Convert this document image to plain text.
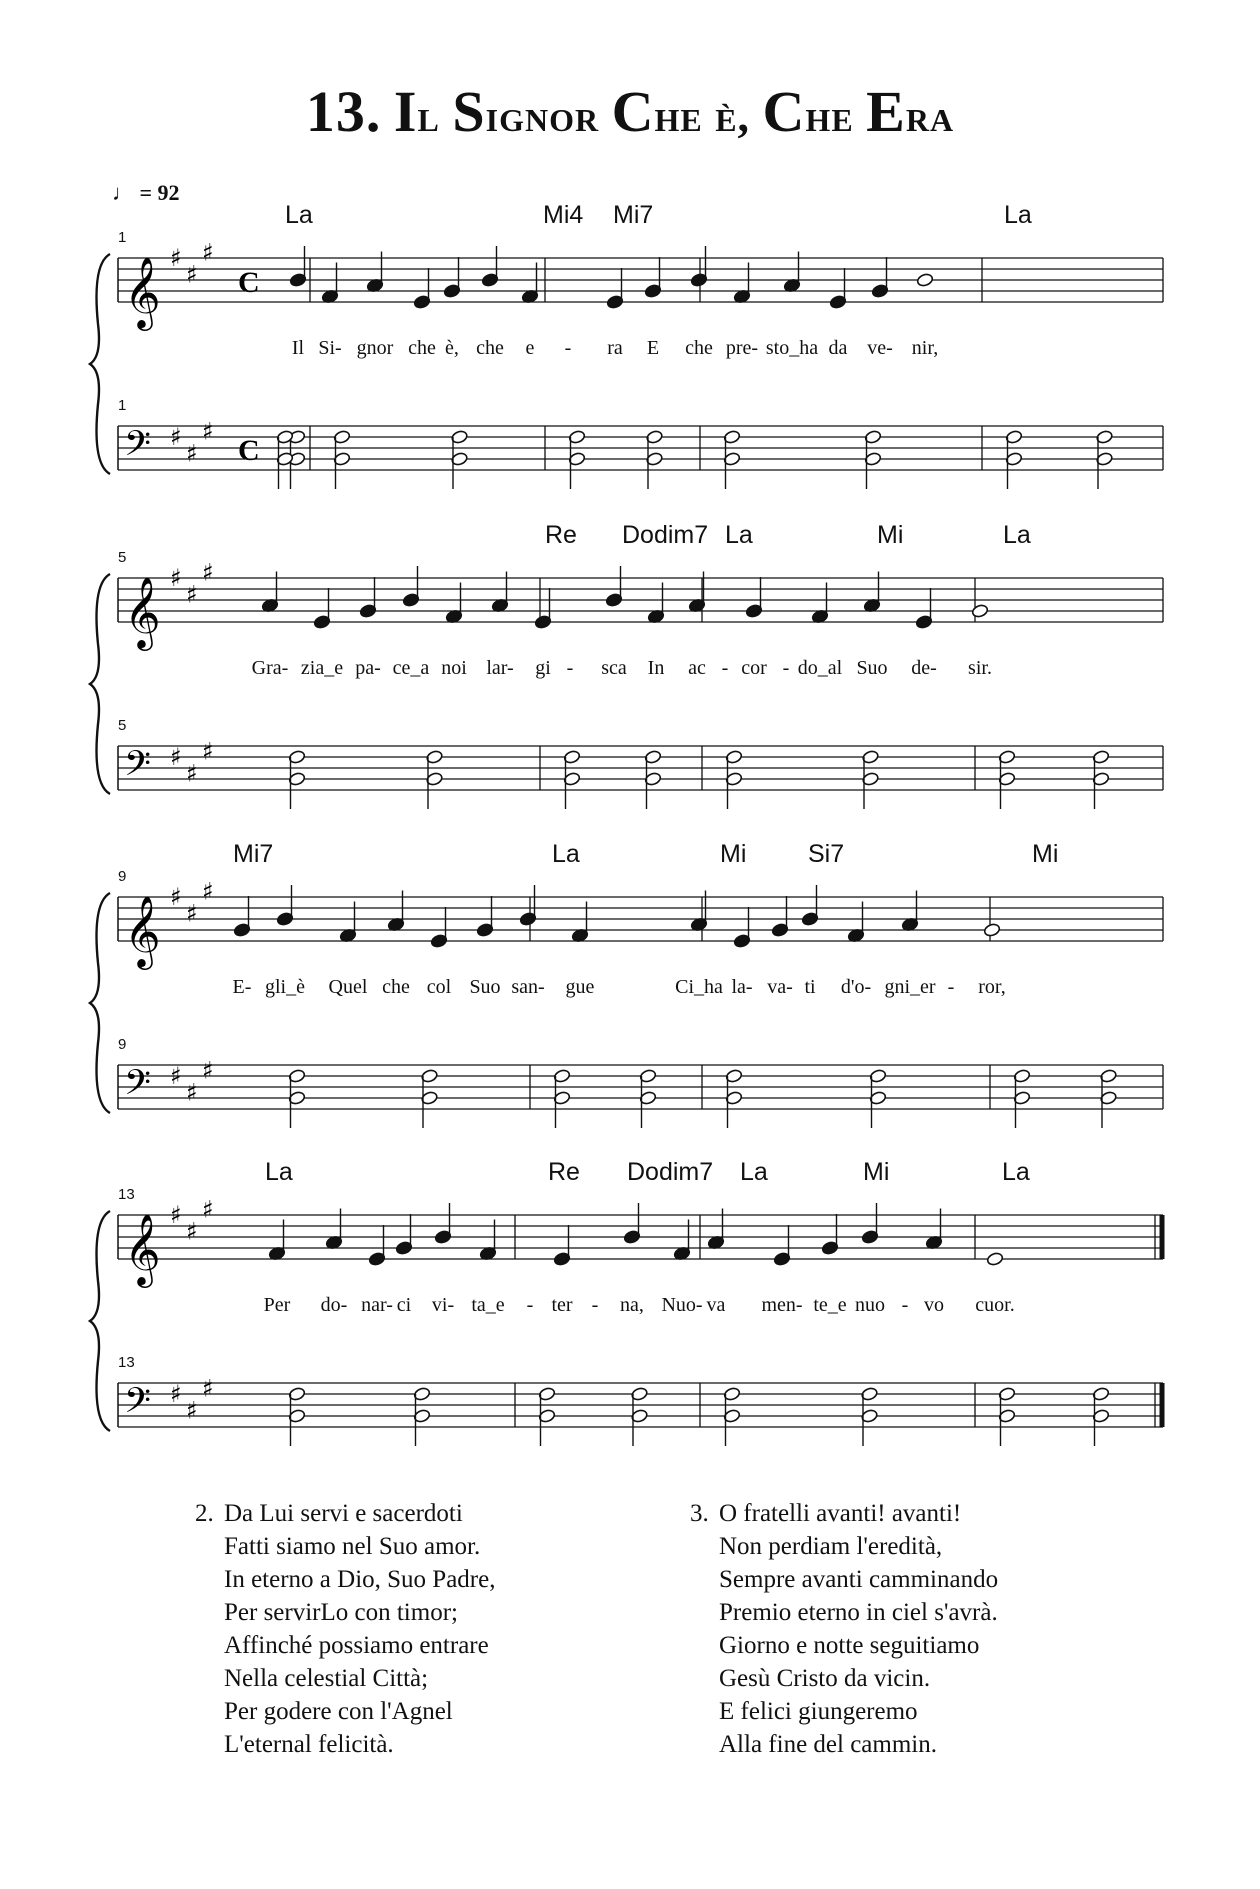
13. Il Signor Che è, Che Era
♩ = 92
C
C
1
1
La	Mi4 Mi7	La
Il Si- gnor che è, che e - ra E che pre- sto_ha da ve- nir,
𝄞 ♯
♯
♯
𝄢 ♯
♯
♯
5
5
Re Dodim7 La	Mi	La
Gra- zia_e pa- ce_a noi lar- gi - sca In ac - cor - do_al Suo de- sir.
𝄞 ♯
♯
♯
𝄢 ♯
♯
♯
9
9
Mi7	La	Mi Si7	Mi
E- gli_è Quel che col Suo san- gue	Ci_ha la- va- ti d'o- gni_er - ror,
𝄞 ♯
♯
♯
𝄢 ♯
♯
♯
13
13
La	Re Dodim7 La	Mi	La
Per do- nar- ci vi- ta_e - ter - na, Nuo- va men- te_e nuo - vo cuor.
𝄞 ♯
♯
♯
𝄢 ♯
♯
♯
2. Da Lui servi e sacerdoti
Fatti siamo nel Suo amor.
In eterno a Dio, Suo Padre,
Per servirLo con timor;
Affinché possiamo entrare
Nella celestial Città;
Per godere con l'Agnel
L'eternal felicità.
3. O fratelli avanti! avanti!
Non perdiam l'eredità,
Sempre avanti camminando
Premio eterno in ciel s'avrà.
Giorno e notte seguitiamo
Gesù Cristo da vicin.
E felici giungeremo
Alla fine del cammin.
